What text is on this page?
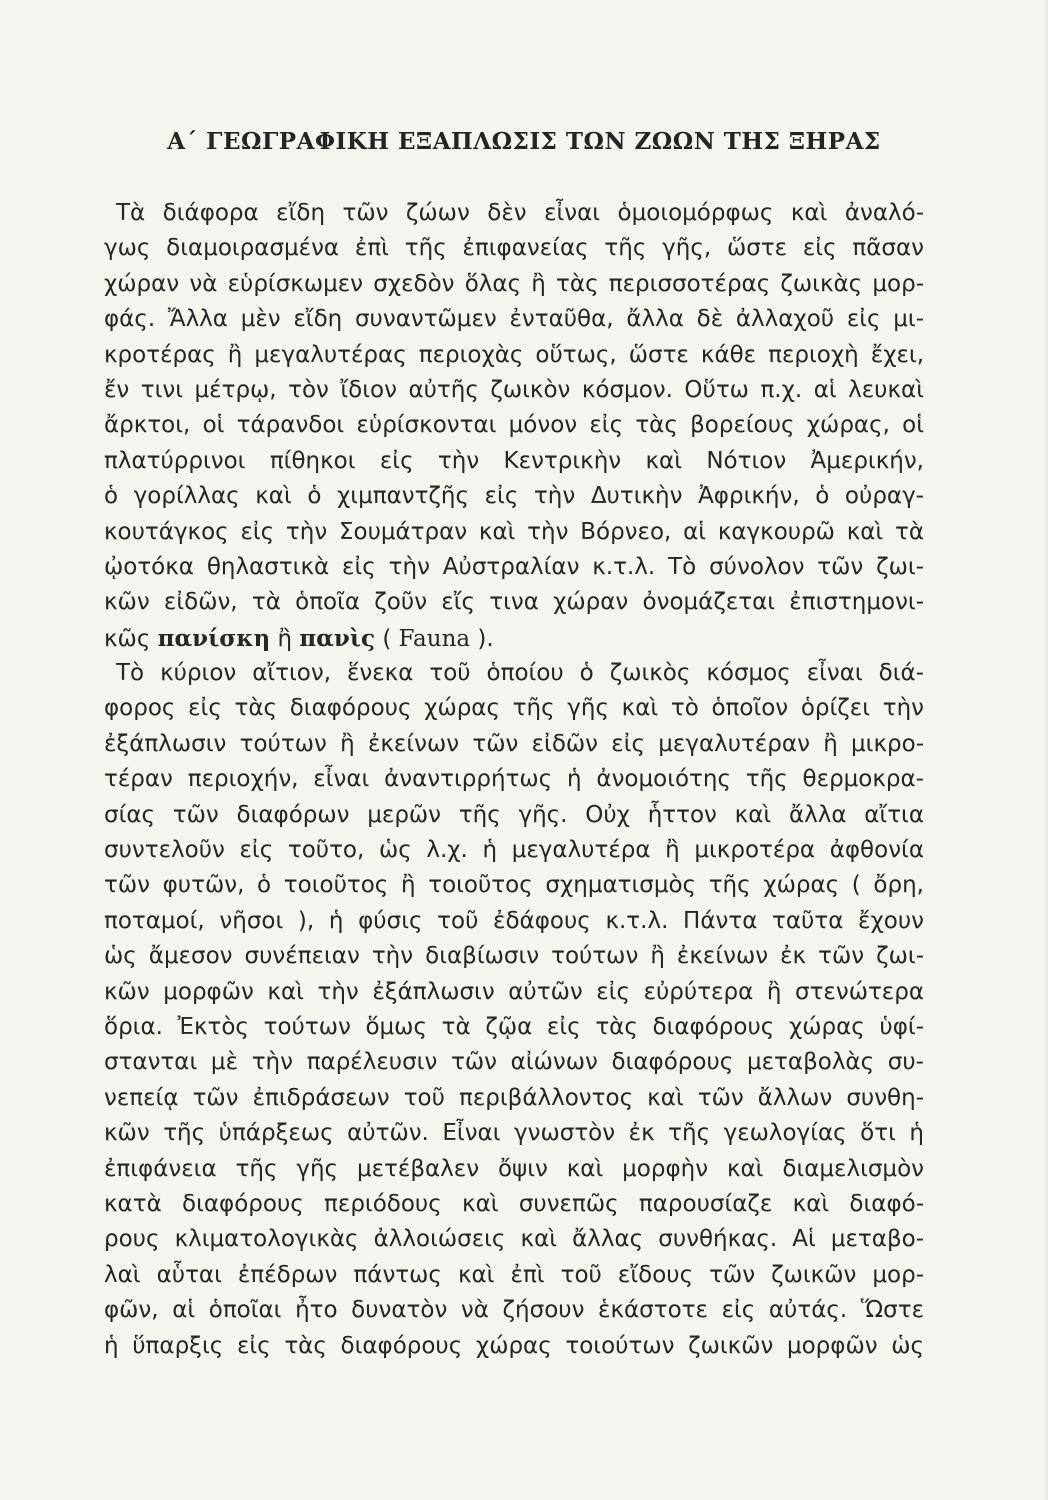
Α΄ ΓΕΩΓΡΑΦΙΚΗ ΕΞΑΠΛΩΣΙΣ ΤΩΝ ΖΩΩΝ ΤΗΣ ΞΗΡΑΣ
Τὰ διάφορα εἴδη τῶν ζώων δὲν εἶναι ὁμοιομόρφως καὶ ἀναλό-
γως διαμοιρασμένα ἐπὶ τῆς ἐπιφανείας τῆς γῆς, ὥστε εἰς πᾶσαν
χώραν νὰ εὑρίσκωμεν σχεδὸν ὅλας ἢ τὰς περισσοτέρας ζωικὰς μορ-
φάς. Ἄλλα μὲν εἴδη συναντῶμεν ἐνταῦθα, ἄλλα δὲ ἀλλαχοῦ εἰς μι-
κροτέρας ἢ μεγαλυτέρας περιοχὰς οὕτως, ὥστε κάθε περιοχὴ ἔχει,
ἔν τινι μέτρῳ, τὸν ἴδιον αὐτῆς ζωικὸν κόσμον. Οὕτω π.χ. αἱ λευκαὶ
ἄρκτοι, οἱ τάρανδοι εὑρίσκονται μόνον εἰς τὰς βορείους χώρας, οἱ
πλατύρρινοι πίθηκοι εἰς τὴν Κεντρικὴν καὶ Νότιον Ἀμερικήν,
ὁ γορίλλας καὶ ὁ χιμπαντζῆς εἰς τὴν Δυτικὴν Ἀφρικήν, ὁ οὐραγ-
κουτάγκος εἰς τὴν Σουμάτραν καὶ τὴν Βόρνεο, αἱ καγκουρῶ καὶ τὰ
ᾠοτόκα θηλαστικὰ εἰς τὴν Αὐστραλίαν κ.τ.λ. Τὸ σύνολον τῶν ζωι-
κῶν εἰδῶν, τὰ ὁποῖα ζοῦν εἴς τινα χώραν ὀνομάζεται ἐπιστημονι-
κῶς πανίσκη ἢ πανὶς ( Fauna ).
Τὸ κύριον αἴτιον, ἕνεκα τοῦ ὁποίου ὁ ζωικὸς κόσμος εἶναι διά-
φορος εἰς τὰς διαφόρους χώρας τῆς γῆς καὶ τὸ ὁποῖον ὁρίζει τὴν
ἐξάπλωσιν τούτων ἢ ἐκείνων τῶν εἰδῶν εἰς μεγαλυτέραν ἢ μικρο-
τέραν περιοχήν, εἶναι ἀναντιρρήτως ἡ ἀνομοιότης τῆς θερμοκρα-
σίας τῶν διαφόρων μερῶν τῆς γῆς. Οὐχ ἧττον καὶ ἄλλα αἴτια
συντελοῦν εἰς τοῦτο, ὡς λ.χ. ἡ μεγαλυτέρα ἢ μικροτέρα ἀφθονία
τῶν φυτῶν, ὁ τοιοῦτος ἢ τοιοῦτος σχηματισμὸς τῆς χώρας ( ὄρη,
ποταμοί, νῆσοι ), ἡ φύσις τοῦ ἐδάφους κ.τ.λ. Πάντα ταῦτα ἔχουν
ὡς ἄμεσον συνέπειαν τὴν διαβίωσιν τούτων ἢ ἐκείνων ἐκ τῶν ζωι-
κῶν μορφῶν καὶ τὴν ἐξάπλωσιν αὐτῶν εἰς εὐρύτερα ἢ στενώτερα
ὅρια. Ἐκτὸς τούτων ὅμως τὰ ζῷα εἰς τὰς διαφόρους χώρας ὑφί-
στανται μὲ τὴν παρέλευσιν τῶν αἰώνων διαφόρους μεταβολὰς συ-
νεπείᾳ τῶν ἐπιδράσεων τοῦ περιβάλλοντος καὶ τῶν ἄλλων συνθη-
κῶν τῆς ὑπάρξεως αὐτῶν. Εἶναι γνωστὸν ἐκ τῆς γεωλογίας ὅτι ἡ
ἐπιφάνεια τῆς γῆς μετέβαλεν ὄψιν καὶ μορφὴν καὶ διαμελισμὸν
κατὰ διαφόρους περιόδους καὶ συνεπῶς παρουσίαζε καὶ διαφό-
ρους κλιματολογικὰς ἀλλοιώσεις καὶ ἄλλας συνθήκας. Αἱ μεταβο-
λαὶ αὗται ἐπέδρων πάντως καὶ ἐπὶ τοῦ εἴδους τῶν ζωικῶν μορ-
φῶν, αἱ ὁποῖαι ἦτο δυνατὸν νὰ ζήσουν ἑκάστοτε εἰς αὐτάς. Ὥστε
ἡ ὕπαρξις εἰς τὰς διαφόρους χώρας τοιούτων ζωικῶν μορφῶν ὡς
